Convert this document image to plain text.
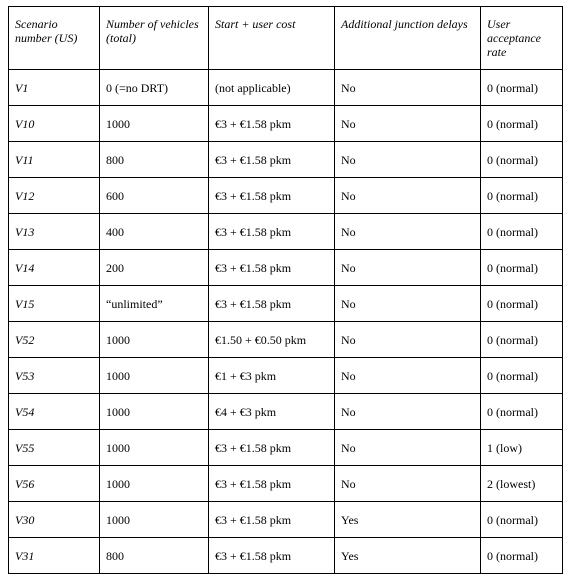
Scenario number (US)	Number of vehicles (total)	Start + user cost	Additional junction delays	User acceptance rate
V1	0 (=no DRT)	(not applicable)	No	0 (normal)
V10	1000	€3 + €1.58 pkm	No	0 (normal)
V11	800	€3 + €1.58 pkm	No	0 (normal)
V12	600	€3 + €1.58 pkm	No	0 (normal)
V13	400	€3 + €1.58 pkm	No	0 (normal)
V14	200	€3 + €1.58 pkm	No	0 (normal)
V15	“unlimited”	€3 + €1.58 pkm	No	0 (normal)
V52	1000	€1.50 + €0.50 pkm	No	0 (normal)
V53	1000	€1 + €3 pkm	No	0 (normal)
V54	1000	€4 + €3 pkm	No	0 (normal)
V55	1000	€3 + €1.58 pkm	No	1 (low)
V56	1000	€3 + €1.58 pkm	No	2 (lowest)
V30	1000	€3 + €1.58 pkm	Yes	0 (normal)
V31	800	€3 + €1.58 pkm	Yes	0 (normal)
